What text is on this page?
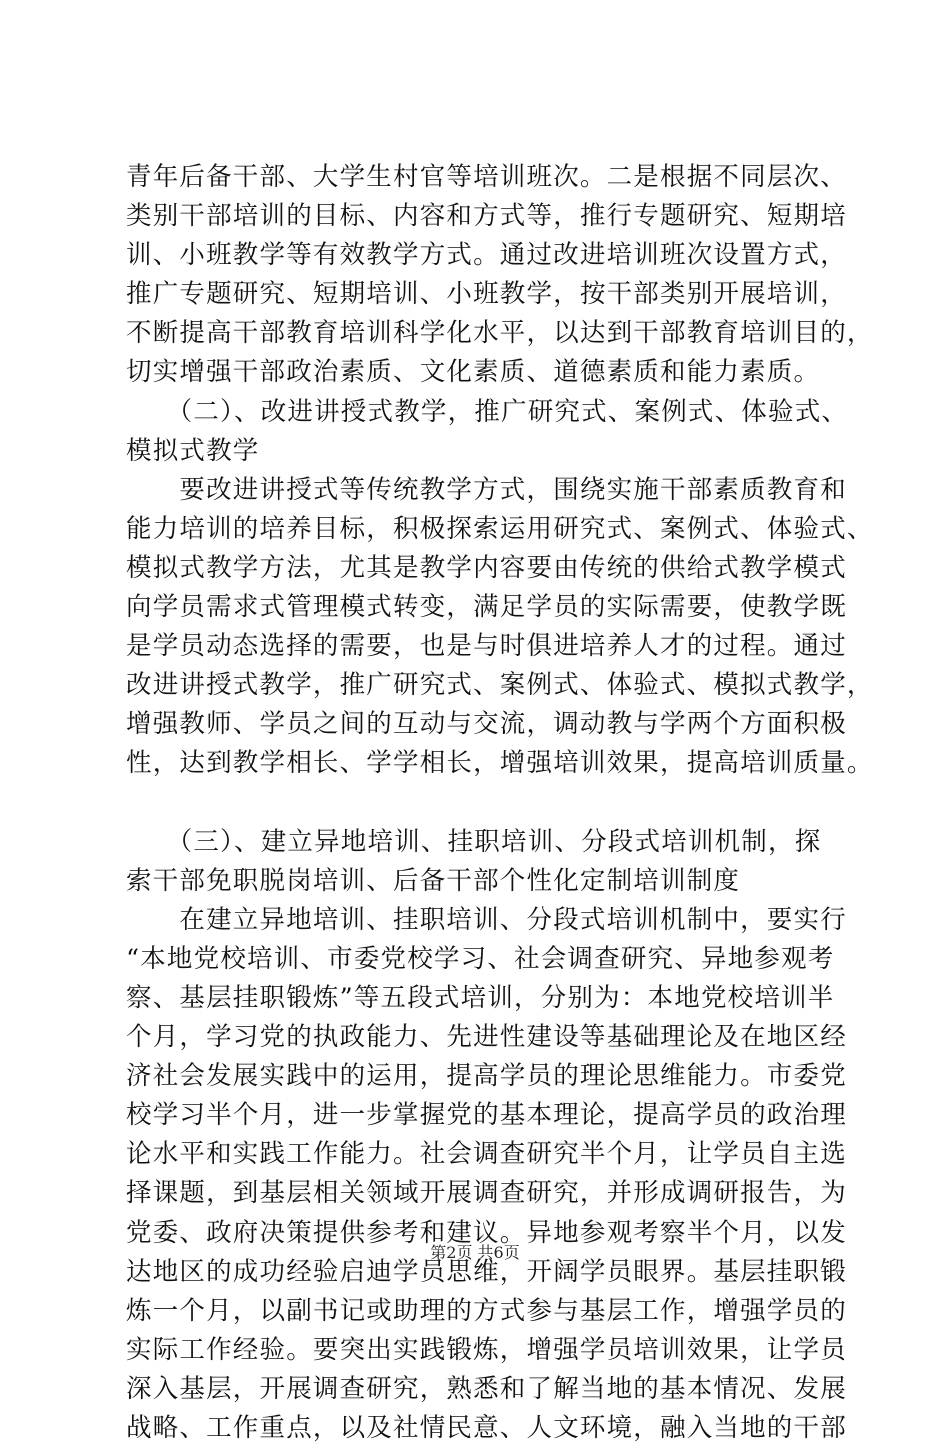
青年后备干部、大学生村官等培训班次。二是根据不同层次、
类别干部培训的目标、内容和方式等，推行专题研究、短期培
训、小班教学等有效教学方式。通过改进培训班次设置方式，
推广专题研究、短期培训、小班教学，按干部类别开展培训，
不断提高干部教育培训科学化水平，以达到干部教育培训目的，
切实增强干部政治素质、文化素质、道德素质和能力素质。
　　（二）、改进讲授式教学，推广研究式、案例式、体验式、
模拟式教学
　　要改进讲授式等传统教学方式，围绕实施干部素质教育和
能力培训的培养目标，积极探索运用研究式、案例式、体验式、
模拟式教学方法，尤其是教学内容要由传统的供给式教学模式
向学员需求式管理模式转变，满足学员的实际需要，使教学既
是学员动态选择的需要，也是与时俱进培养人才的过程。通过
改进讲授式教学，推广研究式、案例式、体验式、模拟式教学，
增强教师、学员之间的互动与交流，调动教与学两个方面积极
性，达到教学相长、学学相长，增强培训效果，提高培训质量。
　　（三）、建立异地培训、挂职培训、分段式培训机制，探
索干部免职脱岗培训、后备干部个性化定制培训制度
　　在建立异地培训、挂职培训、分段式培训机制中，要实行
“本地党校培训、市委党校学习、社会调查研究、异地参观考
察、基层挂职锻炼”等五段式培训，分别为：本地党校培训半
个月，学习党的执政能力、先进性建设等基础理论及在地区经
济社会发展实践中的运用，提高学员的理论思维能力。市委党
校学习半个月，进一步掌握党的基本理论，提高学员的政治理
论水平和实践工作能力。社会调查研究半个月，让学员自主选
择课题，到基层相关领域开展调查研究，并形成调研报告，为
党委、政府决策提供参考和建议。异地参观考察半个月，以发
达地区的成功经验启迪学员思维，开阔学员眼界。基层挂职锻
炼一个月，以副书记或助理的方式参与基层工作，增强学员的
实际工作经验。要突出实践锻炼，增强学员培训效果，让学员
深入基层，开展调查研究，熟悉和了解当地的基本情况、发展
战略、工作重点，以及社情民意、人文环境，融入当地的干部
第2页 共6页
